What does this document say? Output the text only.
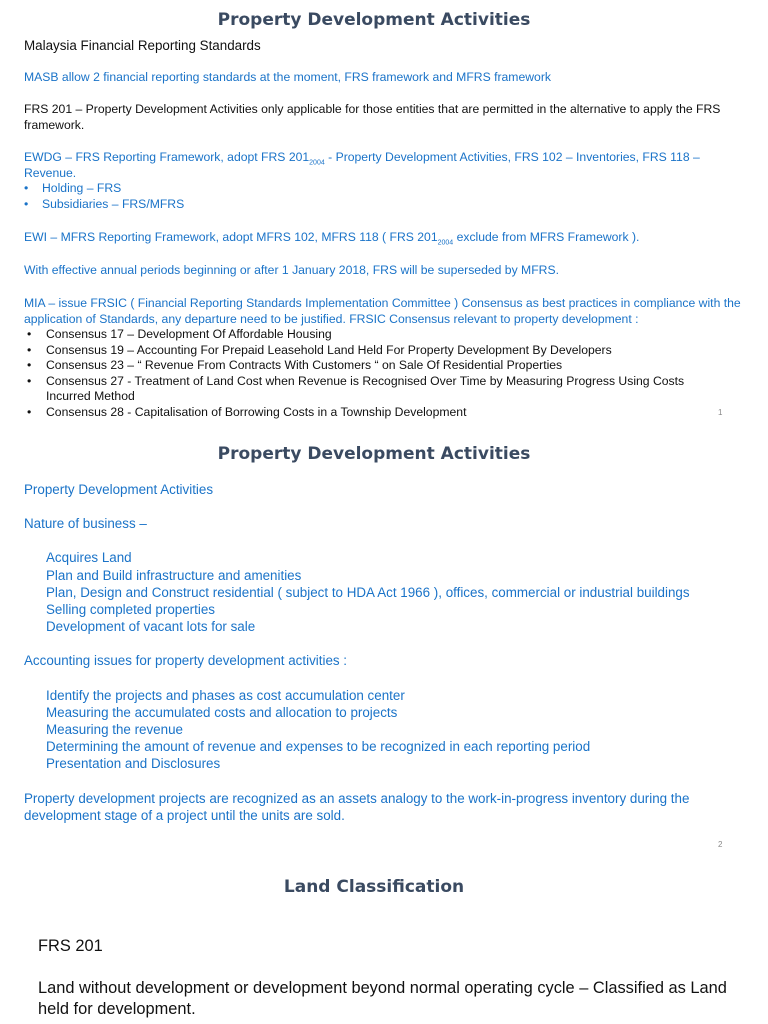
Property Development Activities

Malaysia Financial Reporting Standards

MASB allow 2 financial reporting standards at the moment, FRS framework and MFRS framework

FRS 201 – Property Development Activities only applicable for those entities that are permitted in the alternative to apply the FRS framework.

EWDG – FRS Reporting Framework, adopt FRS $201_{2004}$ - Property Development Activities, FRS 102 – Inventories, FRS 118 – Revenue.
• Holding – FRS
• Subsidiaries – FRS/MFRS

EWI – MFRS Reporting Framework, adopt MFRS 102, MFRS 118 ( FRS $201_{2004}$ exclude from MFRS Framework ).

With effective annual periods beginning or after 1 January 2018, FRS will be superseded by MFRS.

MIA – issue FRSIC ( Financial Reporting Standards Implementation Committee ) Consensus as best practices in compliance with the application of Standards, any departure need to be justified. FRSIC Consensus relevant to property development :

• Consensus 17 – Development Of Affordable Housing
• Consensus 19 – Accounting For Prepaid Leasehold Land Held For Property Development By Developers
• Consensus 23 – “ Revenue From Contracts With Customers “ on Sale Of Residential Properties
• Consensus 27 - Treatment of Land Cost when Revenue is Recognised Over Time by Measuring Progress Using Costs Incurred Method
• Consensus 28 - Capitalisation of Borrowing Costs in a Township Development	1
Property Development Activities
Property Development Activities
Nature of business –
Acquires Land
Plan and Build infrastructure and amenities
Plan, Design and Construct residential ( subject to HDA Act 1966 ), offices, commercial or industrial buildings
Selling completed properties
Development of vacant lots for sale
Accounting issues for property development activities :
Identify the projects and phases as cost accumulation center
Measuring the accumulated costs and allocation to projects
Measuring the revenue
Determining the amount of revenue and expenses to be recognized in each reporting period
Presentation and Disclosures
Property development projects are recognized as an assets analogy to the work-in-progress inventory during the development stage of a project until the units are sold.
2
Land Classification

FRS 201

Land without development or development beyond normal operating cycle – Classified as Land held for development.
